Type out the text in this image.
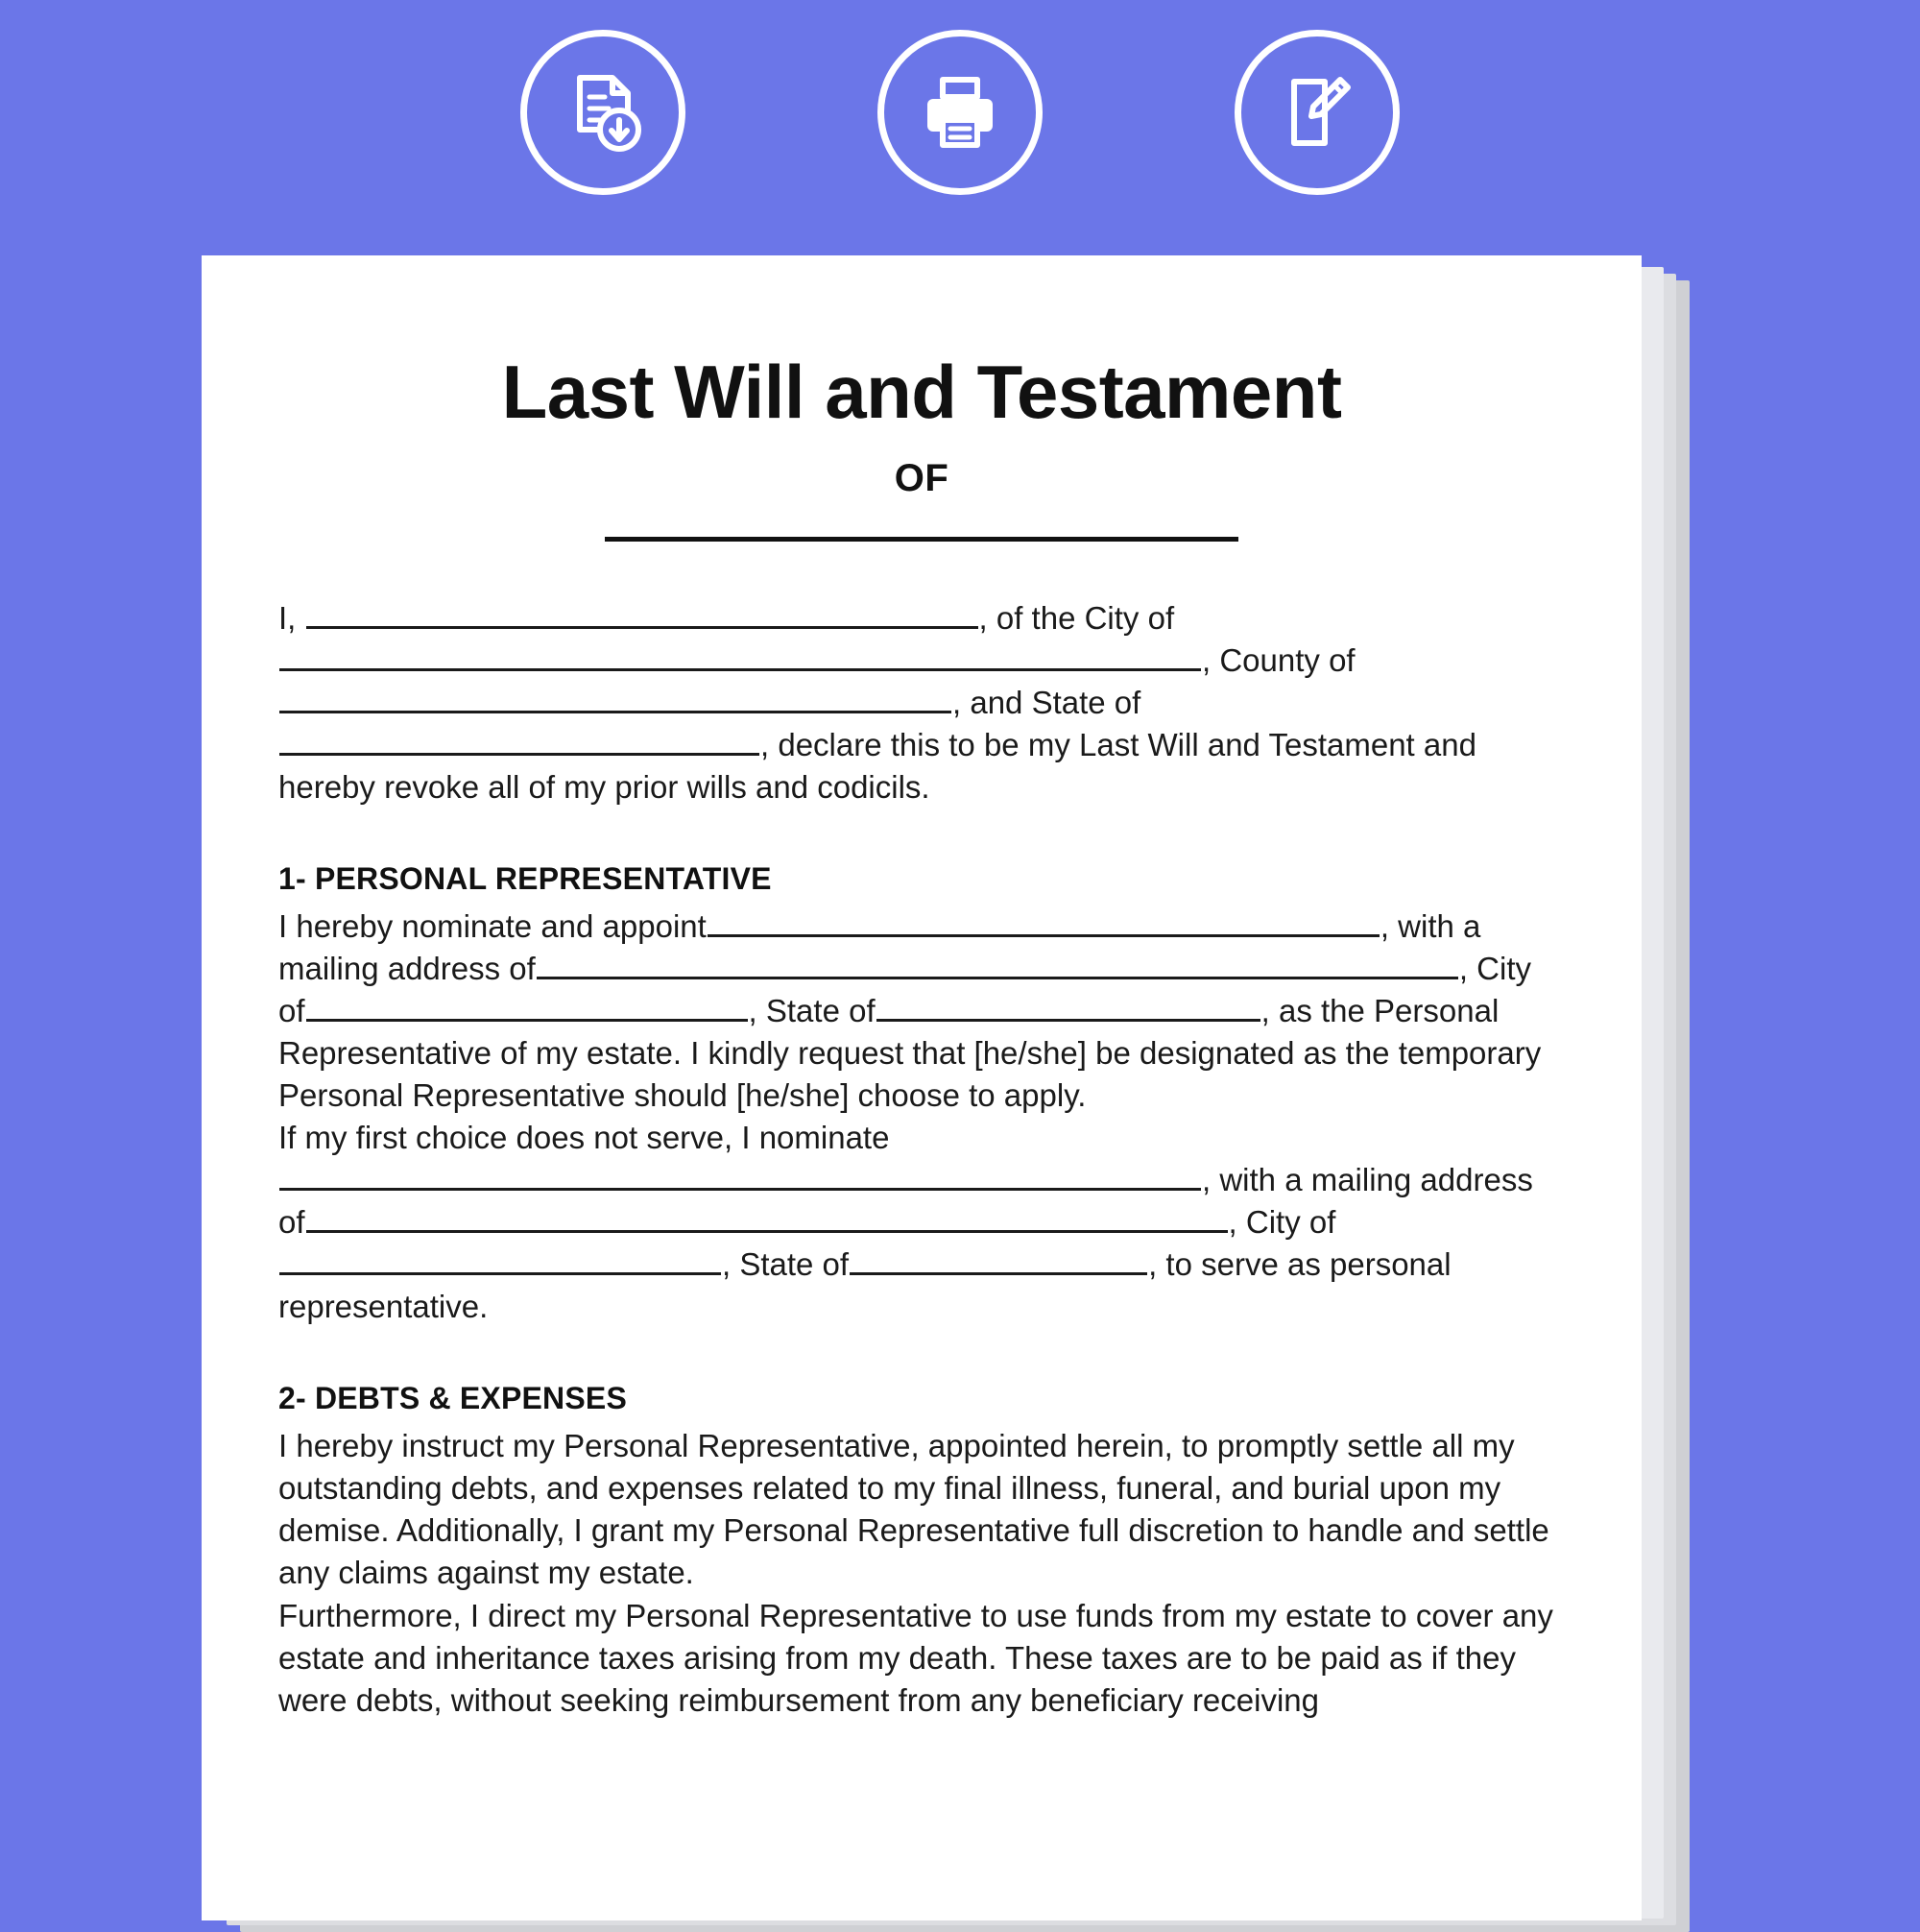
Last Will and Testament
OF

I,	, of the City of , County of, and State of, declare this to be my Last Will and Testament and hereby revoke all of my prior wills and codicils.

1- PERSONAL REPRESENTATIVE

I hereby nominate and appoint	, with a mailing address of	, City of	, State of	, as the Personal Representative of my estate. I kindly request that [he/she] be designated as the temporary Personal Representative should [he/she] choose to apply.

If my first choice does not serve, I nominate, with a mailing address of	, City of, State of	, to serve as personal representative.

2- DEBTS & EXPENSES

I hereby instruct my Personal Representative, appointed herein, to promptly settle all my outstanding debts, and expenses related to my final illness, funeral, and burial upon my demise. Additionally, I grant my Personal Representative full discretion to handle and settle any claims against my estate.

Furthermore, I direct my Personal Representative to use funds from my estate to cover any estate and inheritance taxes arising from my death. These taxes are to be paid as if they were debts, without seeking reimbursement from any beneficiary receiving
